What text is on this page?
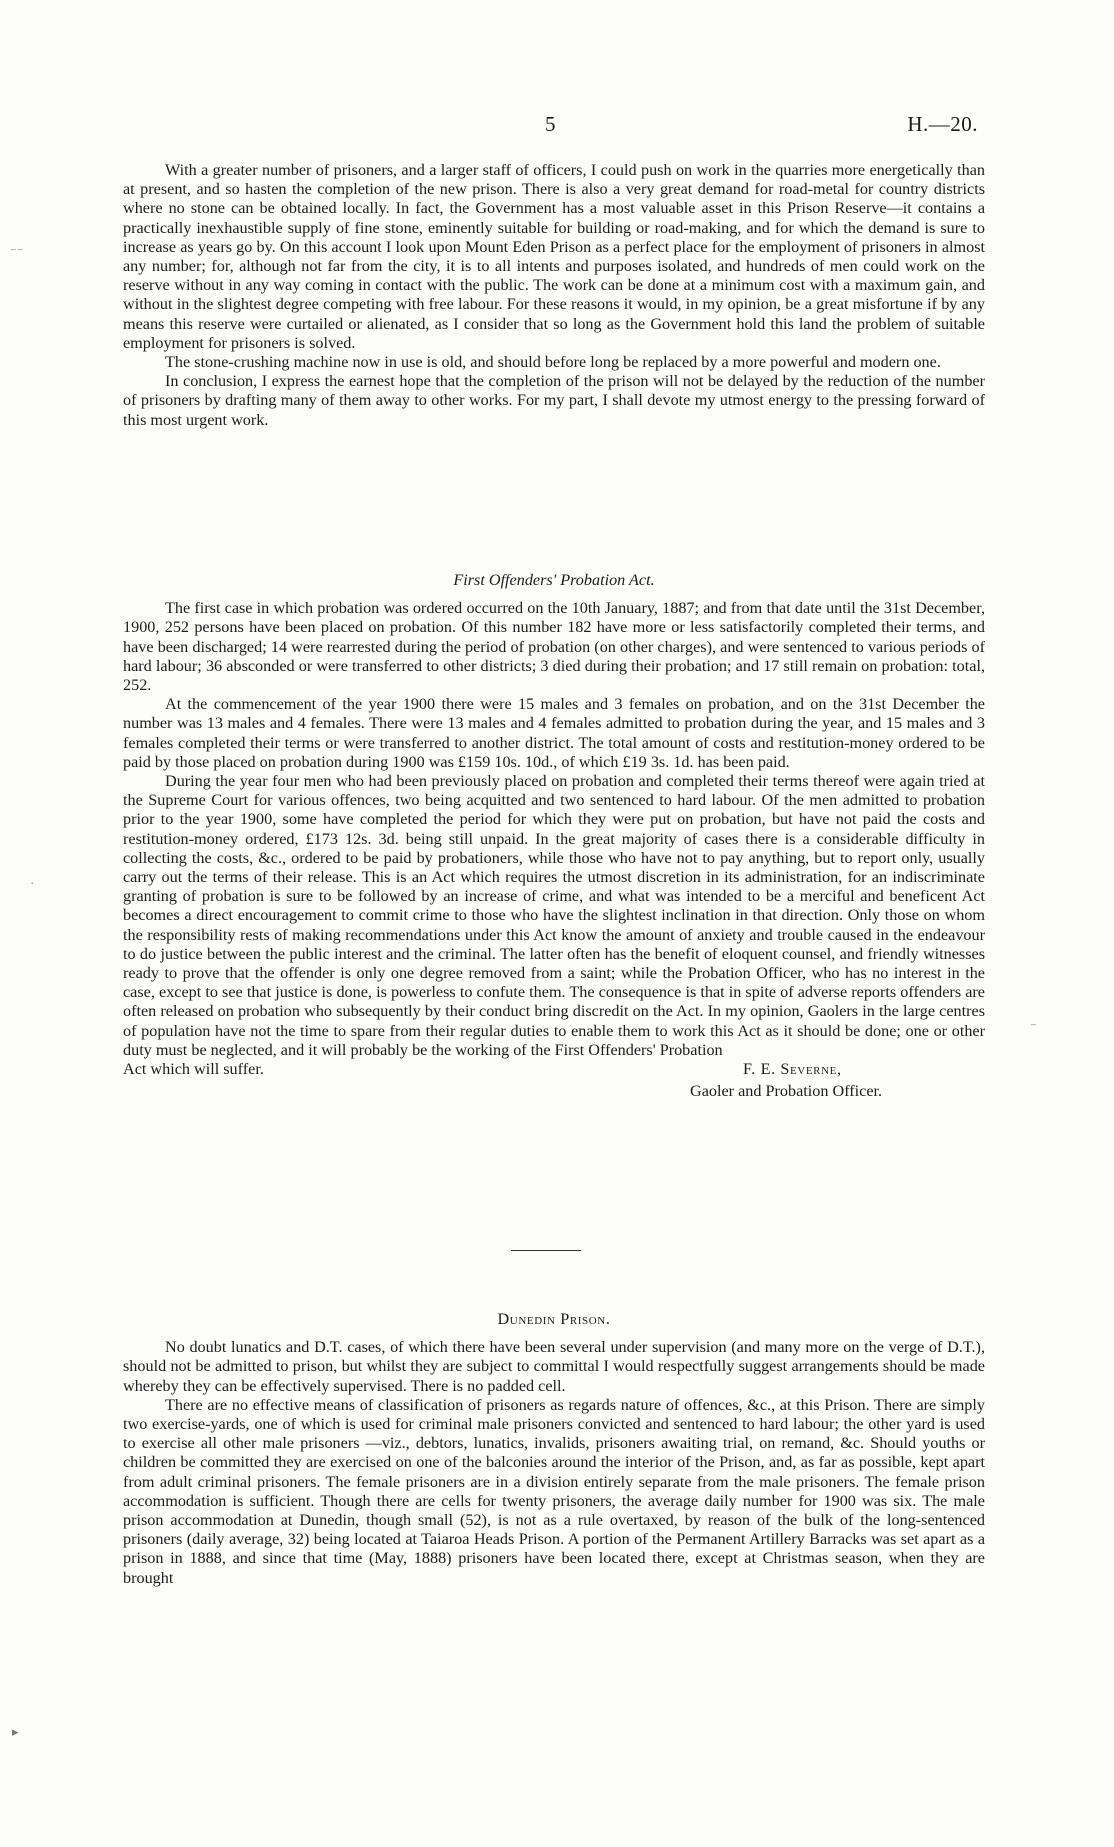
5	H.—20.

With a greater number of prisoners, and a larger staff of officers, I could push on work in the quarries more energetically than at present, and so hasten the completion of the new prison. There is also a very great demand for road-metal for country districts where no stone can be obtained locally. In fact, the Government has a most valuable asset in this Prison Reserve—it contains a practically inexhaustible supply of fine stone, eminently suitable for building or road-making, and for which the demand is sure to increase as years go by. On this account I look upon Mount Eden Prison as a perfect place for the employment of prisoners in almost any number; for, although not far from the city, it is to all intents and purposes isolated, and hundreds of men could work on the reserve without in any way coming in contact with the public. The work can be done at a minimum cost with a maximum gain, and without in the slightest degree competing with free labour. For these reasons it would, in my opinion, be a great misfortune if by any means this reserve were curtailed or alienated, as I consider that so long as the Government hold this land the problem of suitable employment for prisoners is solved.

The stone-crushing machine now in use is old, and should before long be replaced by a more powerful and modern one.

In conclusion, I express the earnest hope that the completion of the prison will not be delayed by the reduction of the number of prisoners by drafting many of them away to other works. For my part, I shall devote my utmost energy to the pressing forward of this most urgent work.

First Offenders' Probation Act.

The first case in which probation was ordered occurred on the 10th January, 1887; and from that date until the 31st December, 1900, 252 persons have been placed on probation. Of this number 182 have more or less satisfactorily completed their terms, and have been discharged; 14 were rearrested during the period of probation (on other charges), and were sentenced to various periods of hard labour; 36 absconded or were transferred to other districts; 3 died during their probation; and 17 still remain on probation: total, 252.

At the commencement of the year 1900 there were 15 males and 3 females on probation, and on the 31st December the number was 13 males and 4 females. There were 13 males and 4 females admitted to probation during the year, and 15 males and 3 females completed their terms or were transferred to another district. The total amount of costs and restitution-money ordered to be paid by those placed on probation during 1900 was £159 10s. 10d., of which £19 3s. 1d. has been paid.

During the year four men who had been previously placed on probation and completed their terms thereof were again tried at the Supreme Court for various offences, two being acquitted and two sentenced to hard labour. Of the men admitted to probation prior to the year 1900, some have completed the period for which they were put on probation, but have not paid the costs and restitution-money ordered, £173 12s. 3d. being still unpaid. In the great majority of cases there is a considerable difficulty in collecting the costs, &c., ordered to be paid by probationers, while those who have not to pay anything, but to report only, usually carry out the terms of their release. This is an Act which requires the utmost discretion in its administration, for an indiscriminate granting of probation is sure to be followed by an increase of crime, and what was intended to be a merciful and beneficent Act becomes a direct encouragement to commit crime to those who have the slightest inclination in that direction. Only those on whom the responsibility rests of making recommendations under this Act know the amount of anxiety and trouble caused in the endeavour to do justice between the public interest and the criminal. The latter often has the benefit of eloquent counsel, and friendly witnesses ready to prove that the offender is only one degree removed from a saint; while the Probation Officer, who has no interest in the case, except to see that justice is done, is powerless to confute them. The consequence is that in spite of adverse reports offenders are often released on probation who subsequently by their conduct bring discredit on the Act. In my opinion, Gaolers in the large centres of population have not the time to spare from their regular duties to enable them to work this Act as it should be done; one or other duty must be neglected, and it will probably be the working of the First Offenders' Probation

Act which will suffer.	F. E. Severne,
Gaoler and Probation Officer.
Dunedin Prison.

No doubt lunatics and D.T. cases, of which there have been several under supervision (and many more on the verge of D.T.), should not be admitted to prison, but whilst they are subject to committal I would respectfully suggest arrangements should be made whereby they can be effectively supervised. There is no padded cell.

There are no effective means of classification of prisoners as regards nature of offences, &c., at this Prison. There are simply two exercise-yards, one of which is used for criminal male prisoners convicted and sentenced to hard labour; the other yard is used to exercise all other male prisoners —viz., debtors, lunatics, invalids, prisoners awaiting trial, on remand, &c. Should youths or children be committed they are exercised on one of the balconies around the interior of the Prison, and, as far as possible, kept apart from adult criminal prisoners. The female prisoners are in a division entirely separate from the male prisoners. The female prison accommodation is sufficient. Though there are cells for twenty prisoners, the average daily number for 1900 was six. The male prison accommodation at Dunedin, though small (52), is not as a rule overtaxed, by reason of the bulk of the long-sentenced prisoners (daily average, 32) being located at Taiaroa Heads Prison. A portion of the Permanent Artillery Barracks was set apart as a prison in 1888, and since that time (May, 1888) prisoners have been located there, except at Christmas season, when they are brought

⁻⁻
˙
⁻
▸
